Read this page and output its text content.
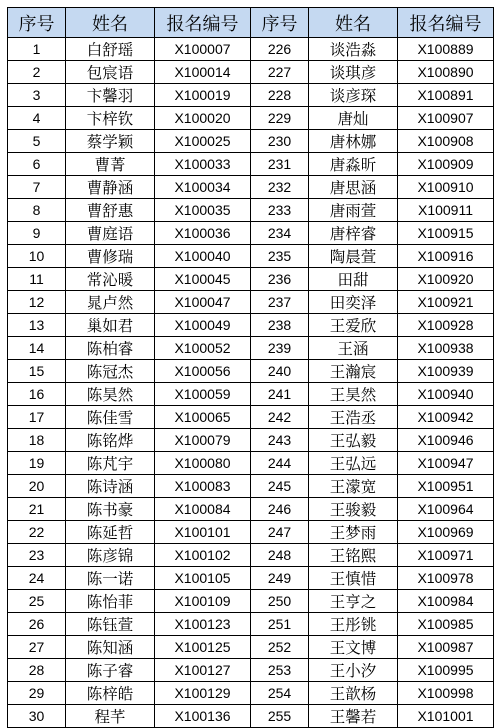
序号	姓名	报名编号	序号	姓名	报名编号
1	白舒瑶	X100007	226	谈浩淼	X100889
2	包宸语	X100014	227	谈琪彦	X100890
3	卞馨羽	X100019	228	谈彦琛	X100891
4	卞梓钦	X100020	229	唐灿	X100907
5	蔡学颖	X100025	230	唐林娜	X100908
6	曹菁	X100033	231	唐淼昕	X100909
7	曹静涵	X100034	232	唐思涵	X100910
8	曹舒惠	X100035	233	唐雨萱	X100911
9	曹庭语	X100036	234	唐梓睿	X100915
10	曹修瑞	X100040	235	陶晨萱	X100916
11	常沁暖	X100045	236	田甜	X100920
12	晁卢然	X100047	237	田奕泽	X100921
13	巢如君	X100049	238	王爱欣	X100928
14	陈柏睿	X100052	239	王涵	X100938
15	陈冠杰	X100056	240	王瀚宸	X100939
16	陈昊然	X100059	241	王昊然	X100940
17	陈佳雪	X100065	242	王浩丞	X100942
18	陈铭烨	X100079	243	王弘毅	X100946
19	陈芃宇	X100080	244	王弘远	X100947
20	陈诗涵	X100083	245	王濛宽	X100951
21	陈书豪	X100084	246	王骏毅	X100964
22	陈延哲	X100101	247	王梦雨	X100969
23	陈彦锦	X100102	248	王铭熙	X100971
24	陈一诺	X100105	249	王慎惜	X100978
25	陈怡菲	X100109	250	王亨之	X100984
26	陈钰萱	X100123	251	王彤铫	X100985
27	陈知涵	X100125	252	王文博	X100987
28	陈子睿	X100127	253	王小汐	X100995
29	陈梓皓	X100129	254	王歆杨	X100998
30	程芊	X100136	255	王馨若	X101001
